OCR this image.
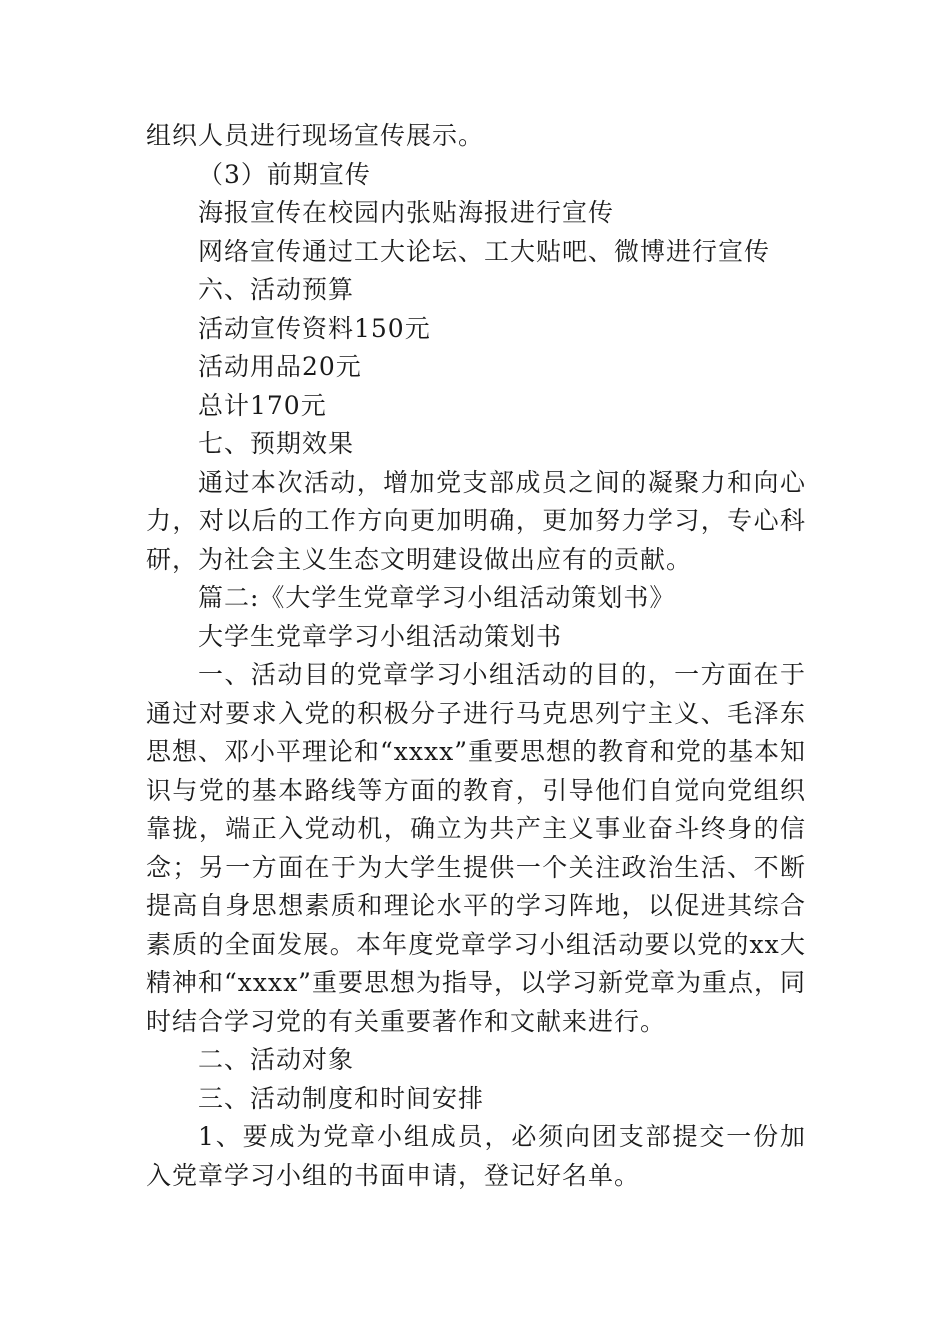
组织人员进行现场宣传展示。

（3）前期宣传

海报宣传在校园内张贴海报进行宣传

网络宣传通过工大论坛、工大贴吧、微博进行宣传

六、活动预算

活动宣传资料150元

活动用品20元

总计170元

七、预期效果

通过本次活动，增加党支部成员之间的凝聚力和向心力，对以后的工作方向更加明确，更加努力学习，专心科研，为社会主义生态文明建设做出应有的贡献。

篇二:《大学生党章学习小组活动策划书》

大学生党章学习小组活动策划书

一、活动目的党章学习小组活动的目的，一方面在于通过对要求入党的积极分子进行马克思列宁主义、毛泽东思想、邓小平理论和“xxxx”重要思想的教育和党的基本知识与党的基本路线等方面的教育，引导他们自觉向党组织靠拢，端正入党动机，确立为共产主义事业奋斗终身的信念；另一方面在于为大学生提供一个关注政治生活、不断提高自身思想素质和理论水平的学习阵地，以促进其综合素质的全面发展。本年度党章学习小组活动要以党的xx大精神和“xxxx”重要思想为指导，以学习新党章为重点，同时结合学习党的有关重要著作和文献来进行。

二、活动对象

三、活动制度和时间安排

1、要成为党章小组成员，必须向团支部提交一份加入党章学习小组的书面申请，登记好名单。
